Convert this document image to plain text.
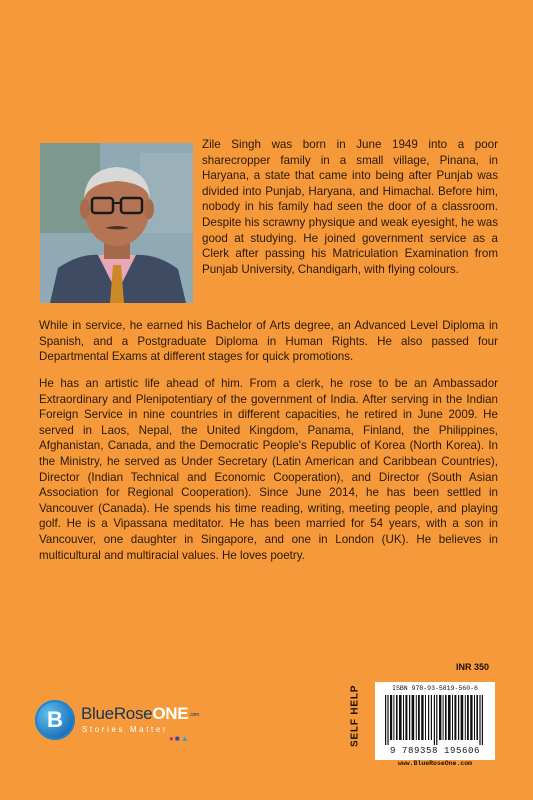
Zile Singh was born in June 1949 into a poor sharecropper family in a small village, Pinana, in Haryana, a state that came into being after Punjab was divided into Punjab, Haryana, and Himachal. Before him, nobody in his family had seen the door of a classroom. Despite his scrawny physique and weak eyesight, he was good at studying. He joined government service as a Clerk after passing his Matriculation Examination from Punjab University, Chandigarh, with flying colours.

While in service, he earned his Bachelor of Arts degree, an Advanced Level Diploma in Spanish, and a Postgraduate Diploma in Human Rights. He also passed four Departmental Exams at different stages for quick promotions.

He has an artistic life ahead of him. From a clerk, he rose to be an Ambassador Extraordinary and Plenipotentiary of the government of India. After serving in the Indian Foreign Service in nine countries in different capacities, he retired in June 2009. He served in Laos, Nepal, the United Kingdom, Panama, Finland, the Philippines, Afghanistan, Canada, and the Democratic People's Republic of Korea (North Korea). In the Ministry, he served as Under Secretary (Latin American and Caribbean Countries), Director (Indian Technical and Economic Cooperation), and Director (South Asian Association for Regional Cooperation). Since June 2014, he has been settled in Vancouver (Canada). He spends his time reading, writing, meeting people, and playing golf. He is a Vipassana meditator. He has been married for 54 years, with a son in Vancouver, one daughter in Singapore, and one in London (UK). He believes in multicultural and multiracial values. He loves poetry.

B	BlueRoseONE.com
Stories Matter
●■▲
INR 350
SELF HELP	ISBN 978-93-5819-560-6
9 789358 195606
www.BlueRoseOne.com
